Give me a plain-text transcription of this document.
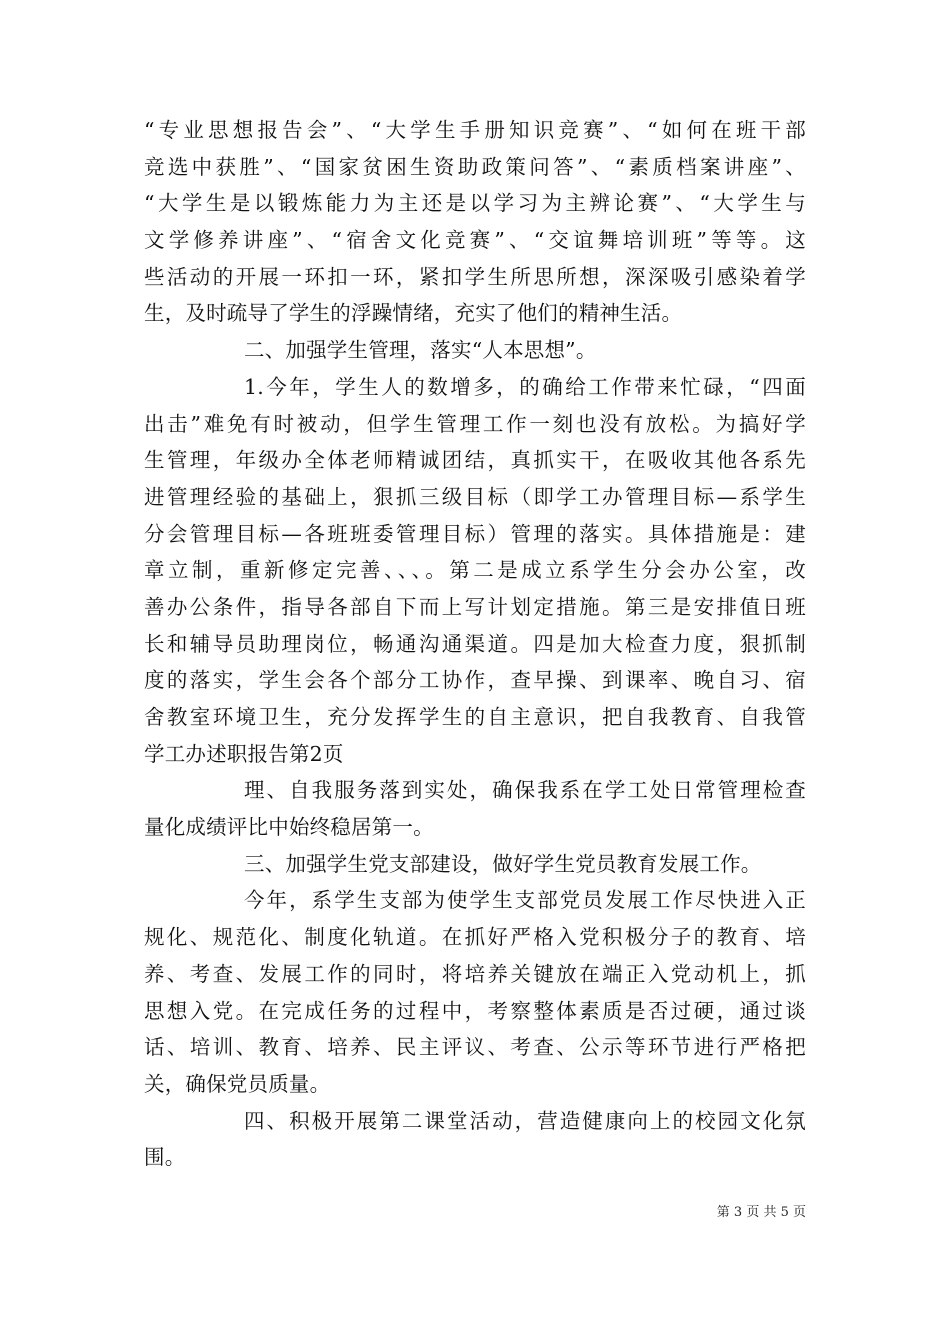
“专业思想报告会”、“大学生手册知识竞赛”、“如何在班干部
竞选中获胜”、“国家贫困生资助政策问答”、“素质档案讲座”、
“大学生是以锻炼能力为主还是以学习为主辨论赛”、“大学生与
文学修养讲座”、“宿舍文化竞赛”、“交谊舞培训班”等等。这
些活动的开展一环扣一环，紧扣学生所思所想，深深吸引感染着学
生，及时疏导了学生的浮躁情绪，充实了他们的精神生活。
二、加强学生管理，落实“人本思想”。
1.今年，学生人的数增多，的确给工作带来忙碌，“四面
出击”难免有时被动，但学生管理工作一刻也没有放松。为搞好学
生管理，年级办全体老师精诚团结，真抓实干，在吸收其他各系先
进管理经验的基础上，狠抓三级目标（即学工办管理目标—系学生
分会管理目标—各班班委管理目标）管理的落实。具体措施是：建
章立制，重新修定完善、、、。第二是成立系学生分会办公室，改
善办公条件，指导各部自下而上写计划定措施。第三是安排值日班
长和辅导员助理岗位，畅通沟通渠道。四是加大检查力度，狠抓制
度的落实，学生会各个部分工协作，查早操、到课率、晚自习、宿
舍教室环境卫生，充分发挥学生的自主意识，把自我教育、自我管
学工办述职报告第2页
理、自我服务落到实处，确保我系在学工处日常管理检查
量化成绩评比中始终稳居第一。
三、加强学生党支部建设，做好学生党员教育发展工作。
今年，系学生支部为使学生支部党员发展工作尽快进入正
规化、规范化、制度化轨道。在抓好严格入党积极分子的教育、培
养、考查、发展工作的同时，将培养关键放在端正入党动机上，抓
思想入党。在完成任务的过程中，考察整体素质是否过硬，通过谈
话、培训、教育、培养、民主评议、考查、公示等环节进行严格把
关，确保党员质量。
四、积极开展第二课堂活动，营造健康向上的校园文化氛
围。
第 3 页 共 5 页
